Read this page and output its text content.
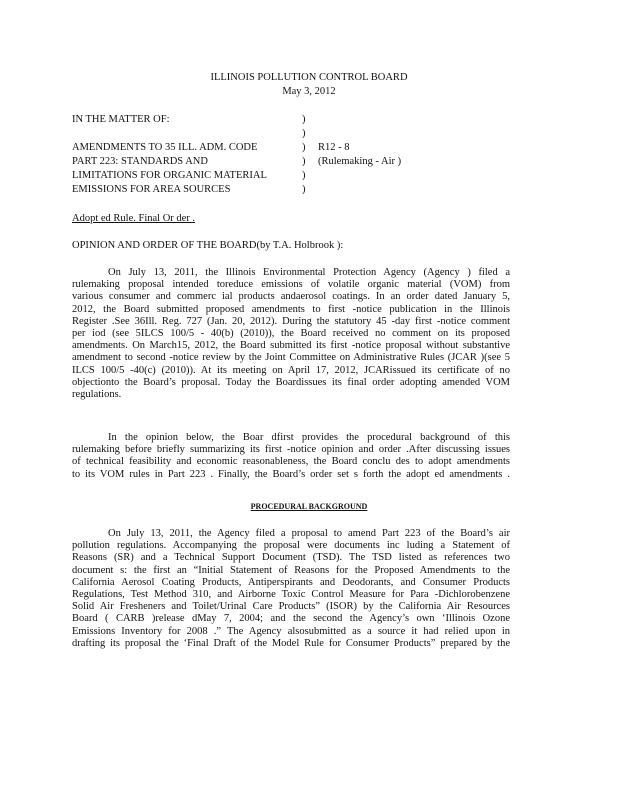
ILLINOIS POLLUTION CONTROL BOARD
May 3, 2012
IN THE MATTER OF:
AMENDMENTS TO 35 ILL. ADM. CODE
PART 223: STANDARDS AND
LIMITATIONS FOR ORGANIC MATERIAL
EMISSIONS FOR AREA SOURCES
)
)
)
)
)
)
R12 - 8
(Rulemaking - Air )
Adopt ed Rule. Final Or der .
OPINION AND ORDER OF THE BOARD(by T.A. Holbrook ):
On July 13, 2011, the Illinois Environmental Protection Agency (Agency ) filed a
rulemaking proposal intended toreduce emissions of volatile organic material (VOM) from
various consumer and commerc ial products andaerosol coatings. In an order dated January 5,
2012, the Board submitted proposed amendments to first -notice publication in the Illinois
Register .See 36Ill. Reg. 727 (Jan. 20, 2012). During the statutory 45 -day first -notice comment
per iod (see 5ILCS 100/5 - 40(b) (2010)), the Board received no comment on its proposed
amendments. On March15, 2012, the Board submitted its first -notice proposal without substantive
amendment to second -notice review by the Joint Committee on Administrative Rules (JCAR )(see 5
ILCS 100/5 -40(c) (2010)). At its meeting on April 17, 2012, JCARissued its certificate of no
objectionto the Board’s proposal. Today the Boardissues its final order adopting amended VOM
regulations.
In the opinion below, the Boar dfirst provides the procedural background of this
rulemaking before briefly summarizing its first -notice opinion and order .After discussing issues
of technical feasibility and economic reasonableness, the Board conclu des to adopt amendments
to its VOM rules in Part 223 . Finally, the Board’s order set s forth the adopt ed amendments .
PROCEDURAL BACKGROUND
On July 13, 2011, the Agency filed a proposal to amend Part 223 of the Board’s air
pollution regulations. Accompanying the proposal were documents inc luding a Statement of
Reasons (SR) and a Technical Support Document (TSD). The TSD listed as references two
document s: the first an “Initial Statement of Reasons for the Proposed Amendments to the
California Aerosol Coating Products, Antiperspirants and Deodorants, and Consumer Products
Regulations, Test Method 310, and Airborne Toxic Control Measure for Para -Dichlorobenzene
Solid Air Fresheners and Toilet/Urinal Care Products” (ISOR) by the California Air Resources
Board ( CARB )release dMay 7, 2004; and the second the Agency’s own ‘Illinois Ozone
Emissions Inventory for 2008 .” The Agency alsosubmitted as a source it had relied upon in
drafting its proposal the ‘Final Draft of the Model Rule for Consumer Products” prepared by the
